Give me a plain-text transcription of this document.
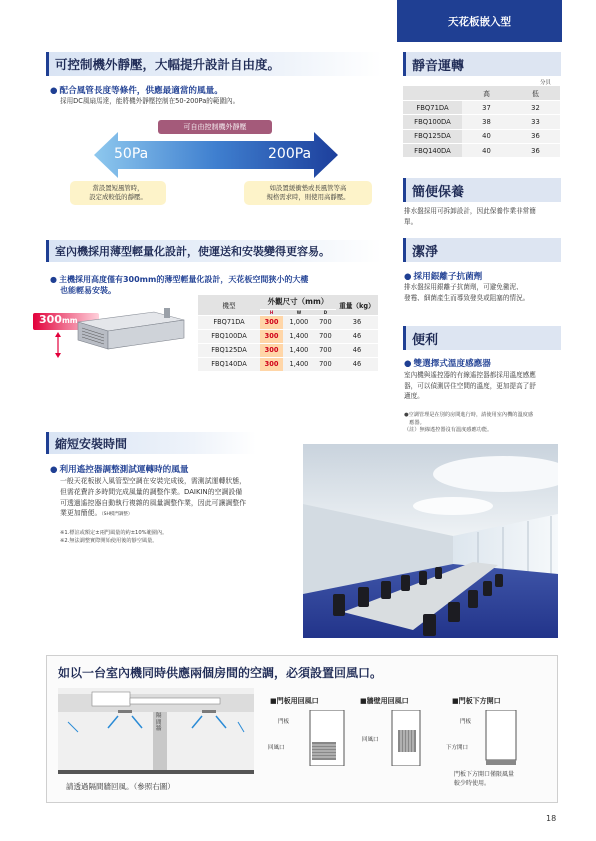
天花板嵌入型
可控制機外靜壓，大幅提升設計自由度。
● 配合風管長度等條件，供應最適當的風量。
採用DC風扇馬達，能將機外靜壓控制在50-200Pa的範圍內。
可自由控制機外靜壓
50Pa	200Pa
當設置短風管時，
設定成較低的靜壓。
如設置緩衝墊或長風管等高
規格需求時，則使用高靜壓。
室內機採用薄型輕量化設計，使運送和安裝變得更容易。
● 主機採用高度僅有300mm的薄型輕量化設計，天花板空間狹小的大樓
也能輕易安裝。
300 mm
機型	外觀尺寸（mm）			重量（kg）
	H	W	D	
FBQ71DA	300	1,000	700	36
FBQ100DA	300	1,400	700	46
FBQ125DA	300	1,400	700	46
FBQ140DA	300	1,400	700	46
縮短安裝時間
● 利用遙控器調整測試運轉時的風量
一般天花板嵌入風管型空調在安裝完成後，需測試運轉狀態，
但需花費許多時間完成風量的調整作業。DAIKIN的空調設備
可透過遙控器自動執行複雜的風量調整作業，因此可讓調整作
業更加簡便。（SH模門調整）
※1.標註或額定±兩門風量的約±10%範圍內。
※2.無法調整實際開始使用後的靜空風量。
靜音運轉
分貝
	高	低
FBQ71DA	37	32
FBQ100DA	38	33
FBQ125DA	40	36
FBQ140DA	40	36
簡便保養
排水盤採用可拆卸設計，因此保養作業非常簡
單。
潔淨
● 採用銀離子抗菌劑
排水盤採用銀離子抗菌劑，可避免黴泥、
發霉、細菌產生而導致發臭或阻塞的情況。
便利
● 雙選擇式溫度感應器
室內機與遙控器的有線遙控器都採用溫度感應
器，可以偵測居住空間的溫度，更加提高了舒
適度。
●空調管理是在別的房間進行時，請使用室內機的溫度感
　應器。
（註）無線遙控器沒有溫度感應功能。
如以一台室內機同時供應兩個房間的空調，必須設置回風口。
隔
間
牆
請透過隔間牆回風。（參照右圖）
■門板用回風口
門板
回風口
■牆壁用回風口
回風口
■門板下方開口
門板
下方開口
門板下方開口僅限風量
較少時使用。
18
